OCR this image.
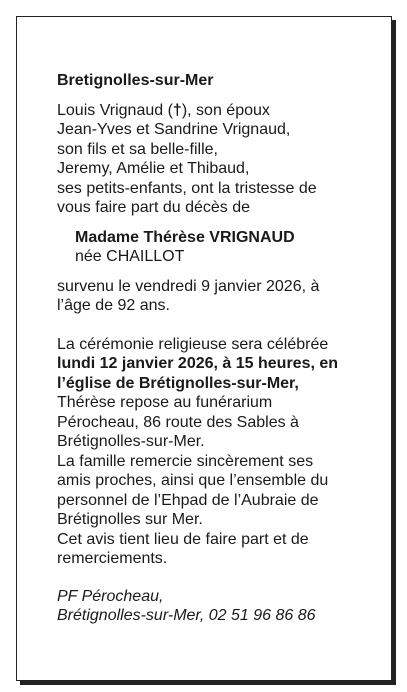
Bretignolles-sur-Mer
Louis Vrignaud (†), son époux
Jean-Yves et Sandrine Vrignaud,
son fils et sa belle-fille,
Jeremy, Amélie et Thibaud,
ses petits-enfants, ont la tristesse de
vous faire part du décès de
Madame Thérèse VRIGNAUD
née CHAILLOT
survenu le vendredi 9 janvier 2026, à
l’âge de 92 ans.
La cérémonie religieuse sera célébrée
lundi 12 janvier 2026, à 15 heures, en
l’église de Brétignolles-sur-Mer,
Thérèse repose au funérarium
Pérocheau, 86 route des Sables à
Brétignolles-sur-Mer.
La famille remercie sincèrement ses
amis proches, ainsi que l’ensemble du
personnel de l’Ehpad de l’Aubraie de
Brétignolles sur Mer.
Cet avis tient lieu de faire part et de
remerciements.
PF Pérocheau,
Brétignolles-sur-Mer, 02 51 96 86 86
